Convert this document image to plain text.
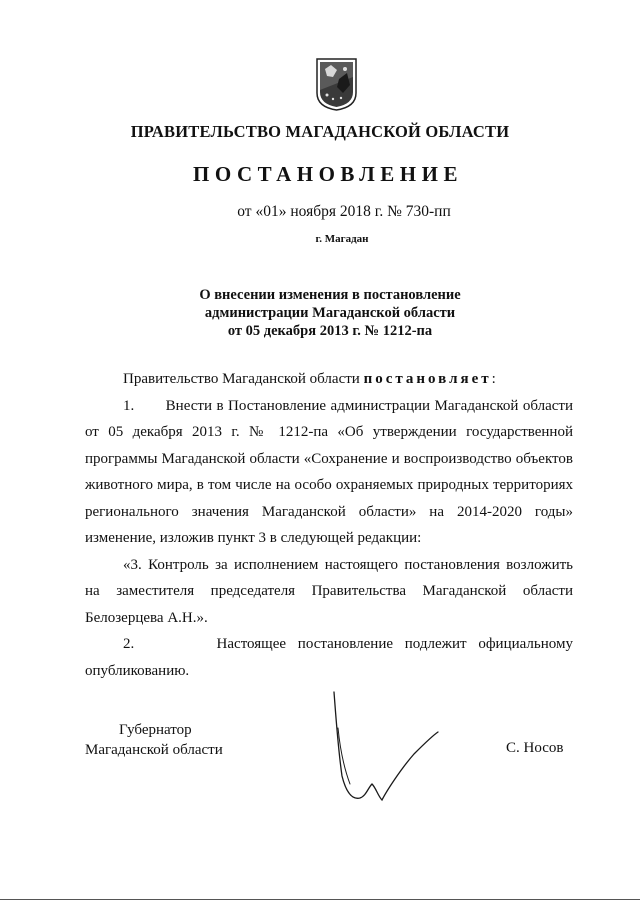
ПРАВИТЕЛЬСТВО МАГАДАНСКОЙ ОБЛАСТИ
ПОСТАНОВЛЕНИЕ
от «01» ноября 2018 г. № 730-пп
г. Магадан
О внесении изменения в постановление
администрации Магаданской области
от 05 декабря 2013 г. № 1212-па

Правительство Магаданской области постановляет:

1. Внести в Постановление администрации Магаданской области от 05 декабря 2013 г. № 1212-па «Об утверждении государственной программы Магаданской области «Сохранение и воспроизводство объектов животного мира, в том числе на особо охраняемых природных территориях регионального значения Магаданской области» на 2014-2020 годы» изменение, изложив пункт 3 в следующей редакции:

«3. Контроль за исполнением настоящего постановления возложить на заместителя председателя Правительства Магаданской области Белозерцева А.Н.».

2.	Настоящее постановление подлежит официальному опубликованию.

Губернатор
Магаданской области	С. Носов
